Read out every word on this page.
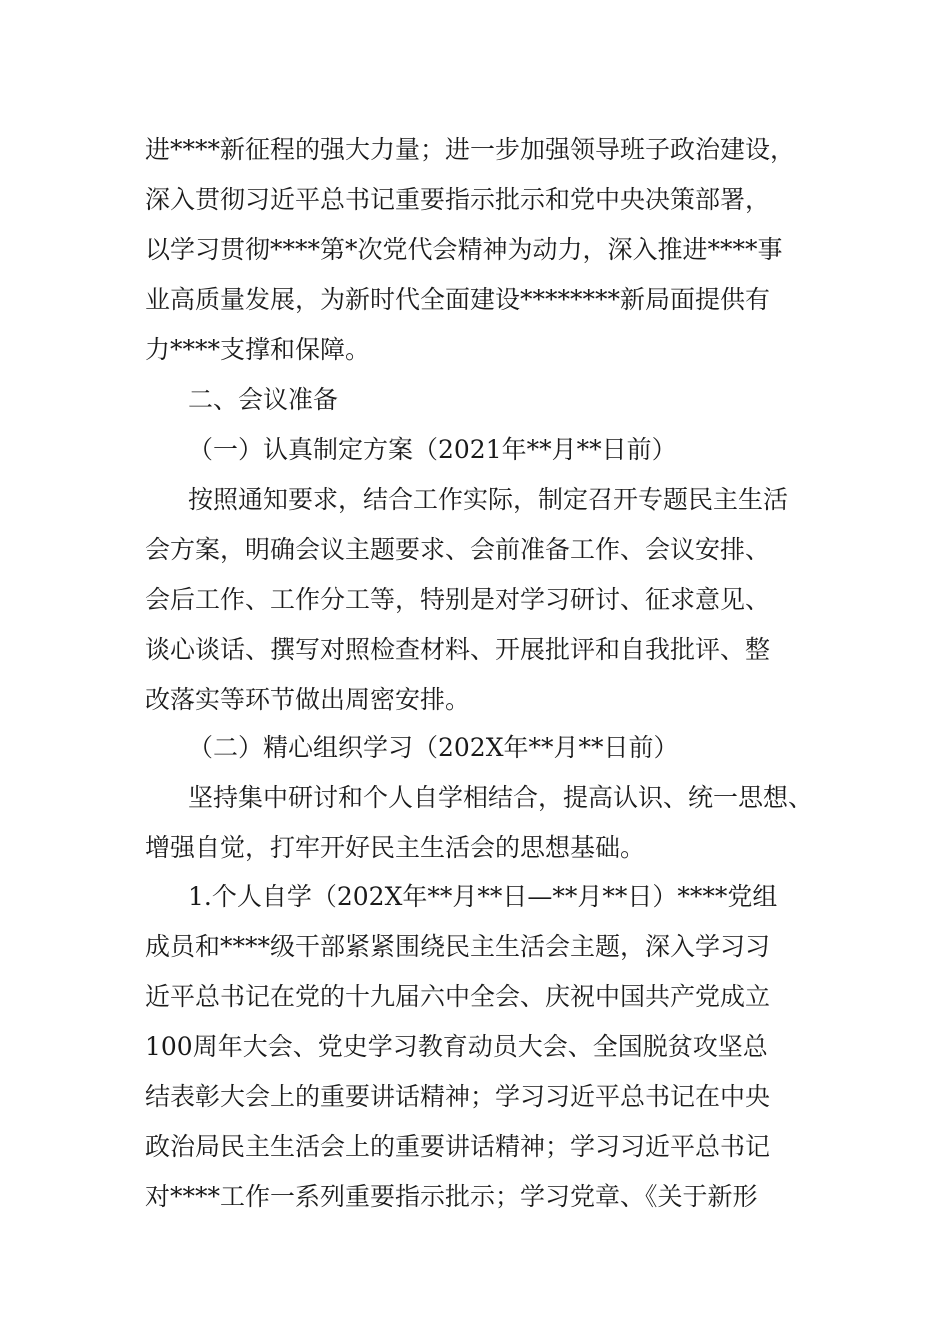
进****新征程的强大力量；进一步加强领导班子政治建设，
深入贯彻习近平总书记重要指示批示和党中央决策部署，
以学习贯彻****第*次党代会精神为动力，深入推进****事
业高质量发展，为新时代全面建设********新局面提供有
力****支撑和保障。
二、会议准备
（一）认真制定方案（2021年**月**日前）
按照通知要求，结合工作实际，制定召开专题民主生活
会方案，明确会议主题要求、会前准备工作、会议安排、
会后工作、工作分工等，特别是对学习研讨、征求意见、
谈心谈话、撰写对照检查材料、开展批评和自我批评、整
改落实等环节做出周密安排。
（二）精心组织学习（202X年**月**日前）
坚持集中研讨和个人自学相结合，提高认识、统一思想、
增强自觉，打牢开好民主生活会的思想基础。
1.个人自学（202X年**月**日—**月**日）****党组
成员和****级干部紧紧围绕民主生活会主题，深入学习习
近平总书记在党的十九届六中全会、庆祝中国共产党成立
100周年大会、党史学习教育动员大会、全国脱贫攻坚总
结表彰大会上的重要讲话精神；学习习近平总书记在中央
政治局民主生活会上的重要讲话精神；学习习近平总书记
对****工作一系列重要指示批示；学习党章、《关于新形
